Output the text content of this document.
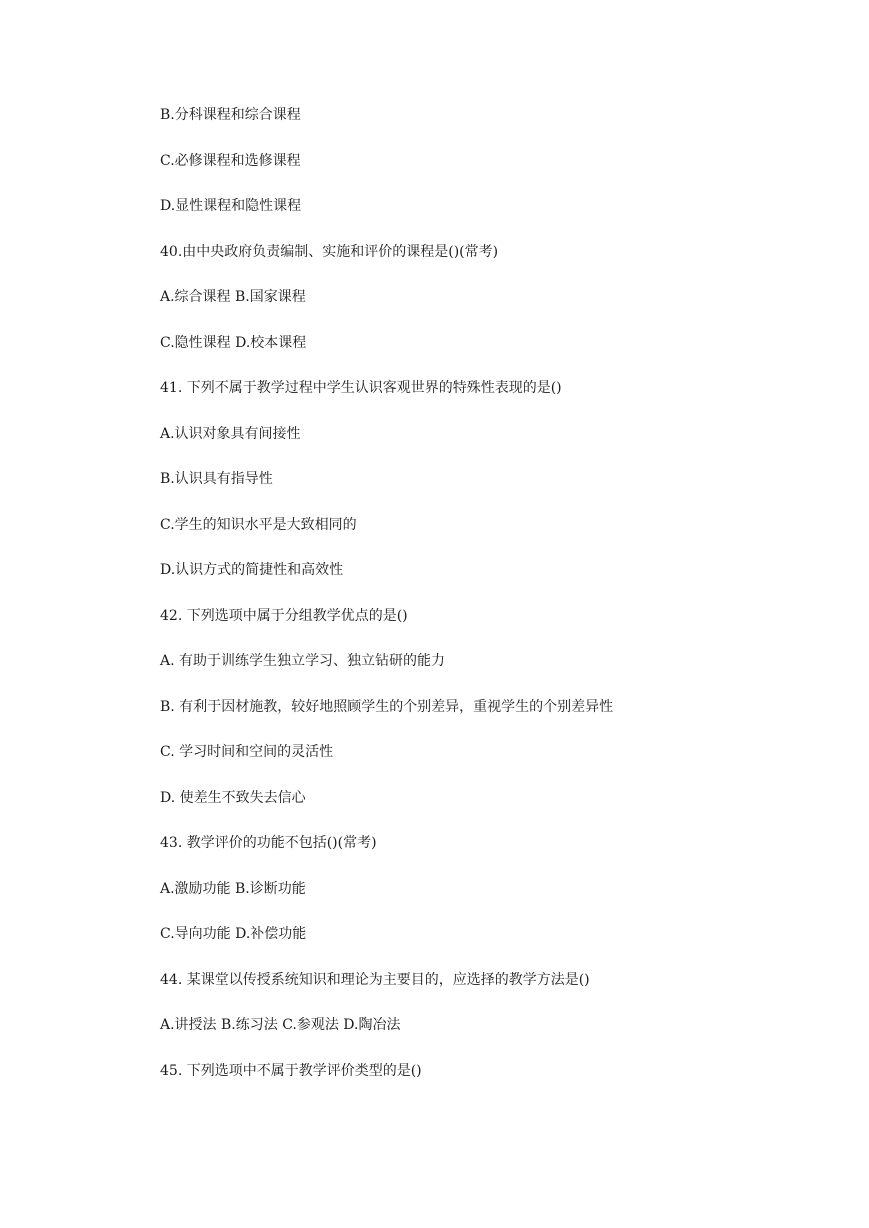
B.分科课程和综合课程
C.必修课程和选修课程
D.显性课程和隐性课程
40.由中央政府负责编制、实施和评价的课程是()(常考)
A.综合课程 B.国家课程
C.隐性课程 D.校本课程
41. 下列不属于教学过程中学生认识客观世界的特殊性表现的是()
A.认识对象具有间接性
B.认识具有指导性
C.学生的知识水平是大致相同的
D.认识方式的简捷性和高效性
42. 下列选项中属于分组教学优点的是()
A. 有助于训练学生独立学习、独立钻研的能力
B. 有利于因材施教，较好地照顾学生的个别差异，重视学生的个别差异性
C. 学习时间和空间的灵活性
D. 使差生不致失去信心
43. 教学评价的功能不包括()(常考)
A.激励功能 B.诊断功能
C.导向功能 D.补偿功能
44. 某课堂以传授系统知识和理论为主要目的，应选择的教学方法是()
A.讲授法 B.练习法 C.参观法 D.陶冶法
45. 下列选项中不属于教学评价类型的是()
